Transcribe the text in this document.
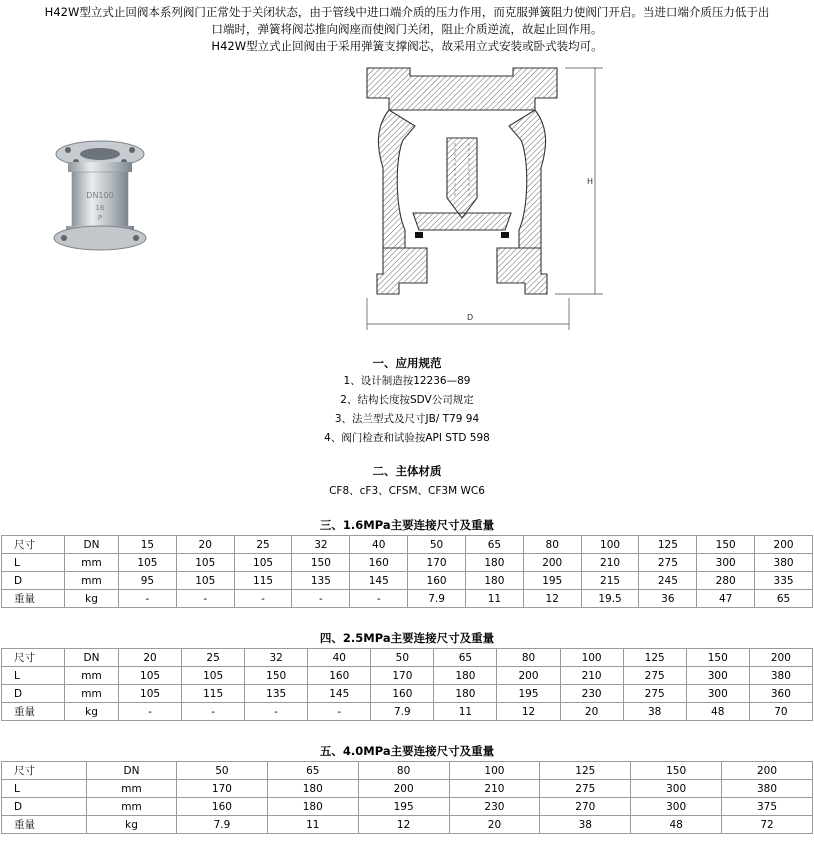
H42W型立式止回阀本系列阀门正常处于关闭状态，由于管线中进口端介质的压力作用，而克服弹簧阻力使阀门开启。当进口端介质压力低于出
口端时，弹簧将阀芯推向阀座而使阀门关闭，阻止介质逆流，故起止回作用。
H42W型立式止回阀由于采用弹簧支撑阀芯，故采用立式安装或卧式装均可。
DN100
16
P
H
D
一、应用规范
1、设计制造按12236—89
2、结构长度按SDV公司规定
3、法兰型式及尺寸JB/ T79 94
4、阀门检查和试验按API STD 598
二、主体材质
CF8、cF3、CFSM、CF3M WC6
三、1.6MPa主要连接尺寸及重量
尺寸	DN	15	20	25	32	40	50	65	80	100	125	150	200
L	mm	105	105	105	150	160	170	180	200	210	275	300	380
D	mm	95	105	115	135	145	160	180	195	215	245	280	335
重量	kg	-	-	-	-	-	7.9	11	12	19.5	36	47	65
四、2.5MPa主要连接尺寸及重量
尺寸	DN	20	25	32	40	50	65	80	100	125	150	200
L	mm	105	105	150	160	170	180	200	210	275	300	380
D	mm	105	115	135	145	160	180	195	230	275	300	360
重量	kg	-	-	-	-	7.9	11	12	20	38	48	70
五、4.0MPa主要连接尺寸及重量
尺寸	DN	50	65	80	100	125	150	200
L	mm	170	180	200	210	275	300	380
D	mm	160	180	195	230	270	300	375
重量	kg	7.9	11	12	20	38	48	72
